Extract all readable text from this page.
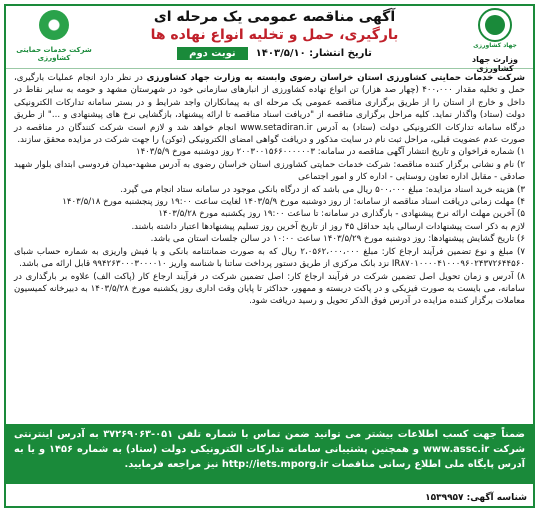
جهاد کشاورزی
وزارت جهاد کشاورزی
آگهی مناقصه عمومی یک مرحله ای
بارگیری، حمل و تخلیه انواع نهاده ها
تاریخ انتشار: ۱۴۰۳/۵/۱۰
نوبت دوم
شرکت خدمات حمایتی کشاورزی

شرکت خدمات حمایتی کشاورزی استان خراسان رضوی وابسته به وزارت جهاد کشاورزی در نظر دارد انجام عملیات بارگیری، حمل و تخلیه مقدار ۴۰۰،۰۰۰ (چهار صد هزار) تن انواع نهاده کشاورزی از انبارهای سازمانی خود در شهرستان مشهد و حومه به سایر نقاط در داخل و خارج از استان را از طریق برگزاری مناقصه عمومی یک مرحله ای به پیمانکاران واجد شرایط و در بستر سامانه تدارکات الکترونیکی دولت (ستاد) واگذار نماید. کلیه مراحل برگزاری مناقصه از "دریافت اسناد مناقصه تا ارائه پیشنهاد، بازگشایی نرخ های پیشنهادی و ..." از طریق درگاه سامانه تدارکات الکترونیکی دولت (ستاد) به آدرس www.setadiran.ir انجام خواهد شد و لازم است شرکت کنندگان در مناقصه در صورت عدم عضویت قبلی، مراحل ثبت نام در سایت مذکور و دریافت گواهی امضای الکترونیکی (توکن) را جهت شرکت در مزایده محقق سازند.

۱) شماره فراخوان و تاریخ انتشار آگهی مناقصه در سامانه: ۲۰۰۳۰۰۱۵۶۶۰۰۰۰۰۰۳ روز دوشنبه مورخ ۱۴۰۳/۵/۹

۲) نام و نشانی برگزار کننده مناقصه: شرکت خدمات حمایتی کشاورزی استان خراسان رضوی به آدرس مشهد-میدان فردوسی ابتدای بلوار شهید صادقی - مقابل اداره تعاون روستایی - اداره کار و امور اجتماعی

۳) هزینه خرید اسناد مزایده: مبلغ ۵۰۰،۰۰۰ ریال می باشد که از درگاه بانکی موجود در سامانه ستاد انجام می گیرد.

۴) مهلت زمانی دریافت اسناد مناقصه از سامانه: از روز دوشنبه مورخ ۱۴۰۳/۵/۹ لغایت ساعت ۱۹:۰۰ روز پنجشنبه مورخ ۱۴۰۳/۵/۱۸

۵) آخرین مهلت ارائه نرخ پیشنهادی - بارگذاری در سامانه: تا ساعت ۱۹:۰۰ روز یکشنبه مورخ ۱۴۰۳/۵/۲۸

لازم به ذکر است پیشنهادات ارسالی باید حداقل ۴۵ روز از تاریخ آخرین روز تسلیم پیشنهادها اعتبار داشته باشند.

۶) تاریخ گشایش پیشنهادها: روز دوشنبه مورخ ۱۴۰۳/۵/۲۹ ساعت ۱۰:۰۰ در سالن جلسات استان می باشد.

۷) مبلغ و نوع تضمین فرآیند ارجاع کار: مبلغ ۲،۰۵۶۲،۰۰۰،۰۰۰ ریال که به صورت ضمانتنامه بانکی و یا فیش واریزی به شماره حساب شبای IR۸۷۰۱۰۰۰۰۴۱۰۰۰۹۶۰۲۴۳۷۲۶۴۴۵۶۰ نزد بانک مرکزی از طریق دستور پرداخت ساتنا با شناسه واریز ۹۹۴۲۶۳۰۰۰۳۰۰۰۰۱۰ قابل ارائه می باشد.

۸) آدرس و زمان تحویل اصل تضمین شرکت در فرآیند ارجاع کار: اصل تضمین شرکت در فرآیند ارجاع کار (پاکت الف) علاوه بر بارگذاری در سامانه، می بایست به صورت فیزیکی و در پاکت دربسته و ممهور، حداکثر تا پایان وقت اداری روز یکشنبه مورخ ۱۴۰۳/۵/۲۸ به دبیرخانه کمیسیون معاملات برگزار کننده مزایده در آدرس فوق الذکر تحویل و رسید دریافت شود.

ضمناً جهت کسب اطلاعات بیشتر می توانید ضمن تماس با شماره تلفن ۰۵۱-۳۷۲۶۹۰۶۳ به آدرس اینترنتی شرکت www.assc.ir و همچنین پشتیبانی سامانه تدارکات الکترونیکی دولت (ستاد) به شماره ۱۴۵۶ و یا به آدرس پایگاه ملی اطلاع رسانی مناقصات http://iets.mporg.ir نیز مراجعه فرمایید.
شناسه آگهی: ۱۵۳۹۹۵۷
